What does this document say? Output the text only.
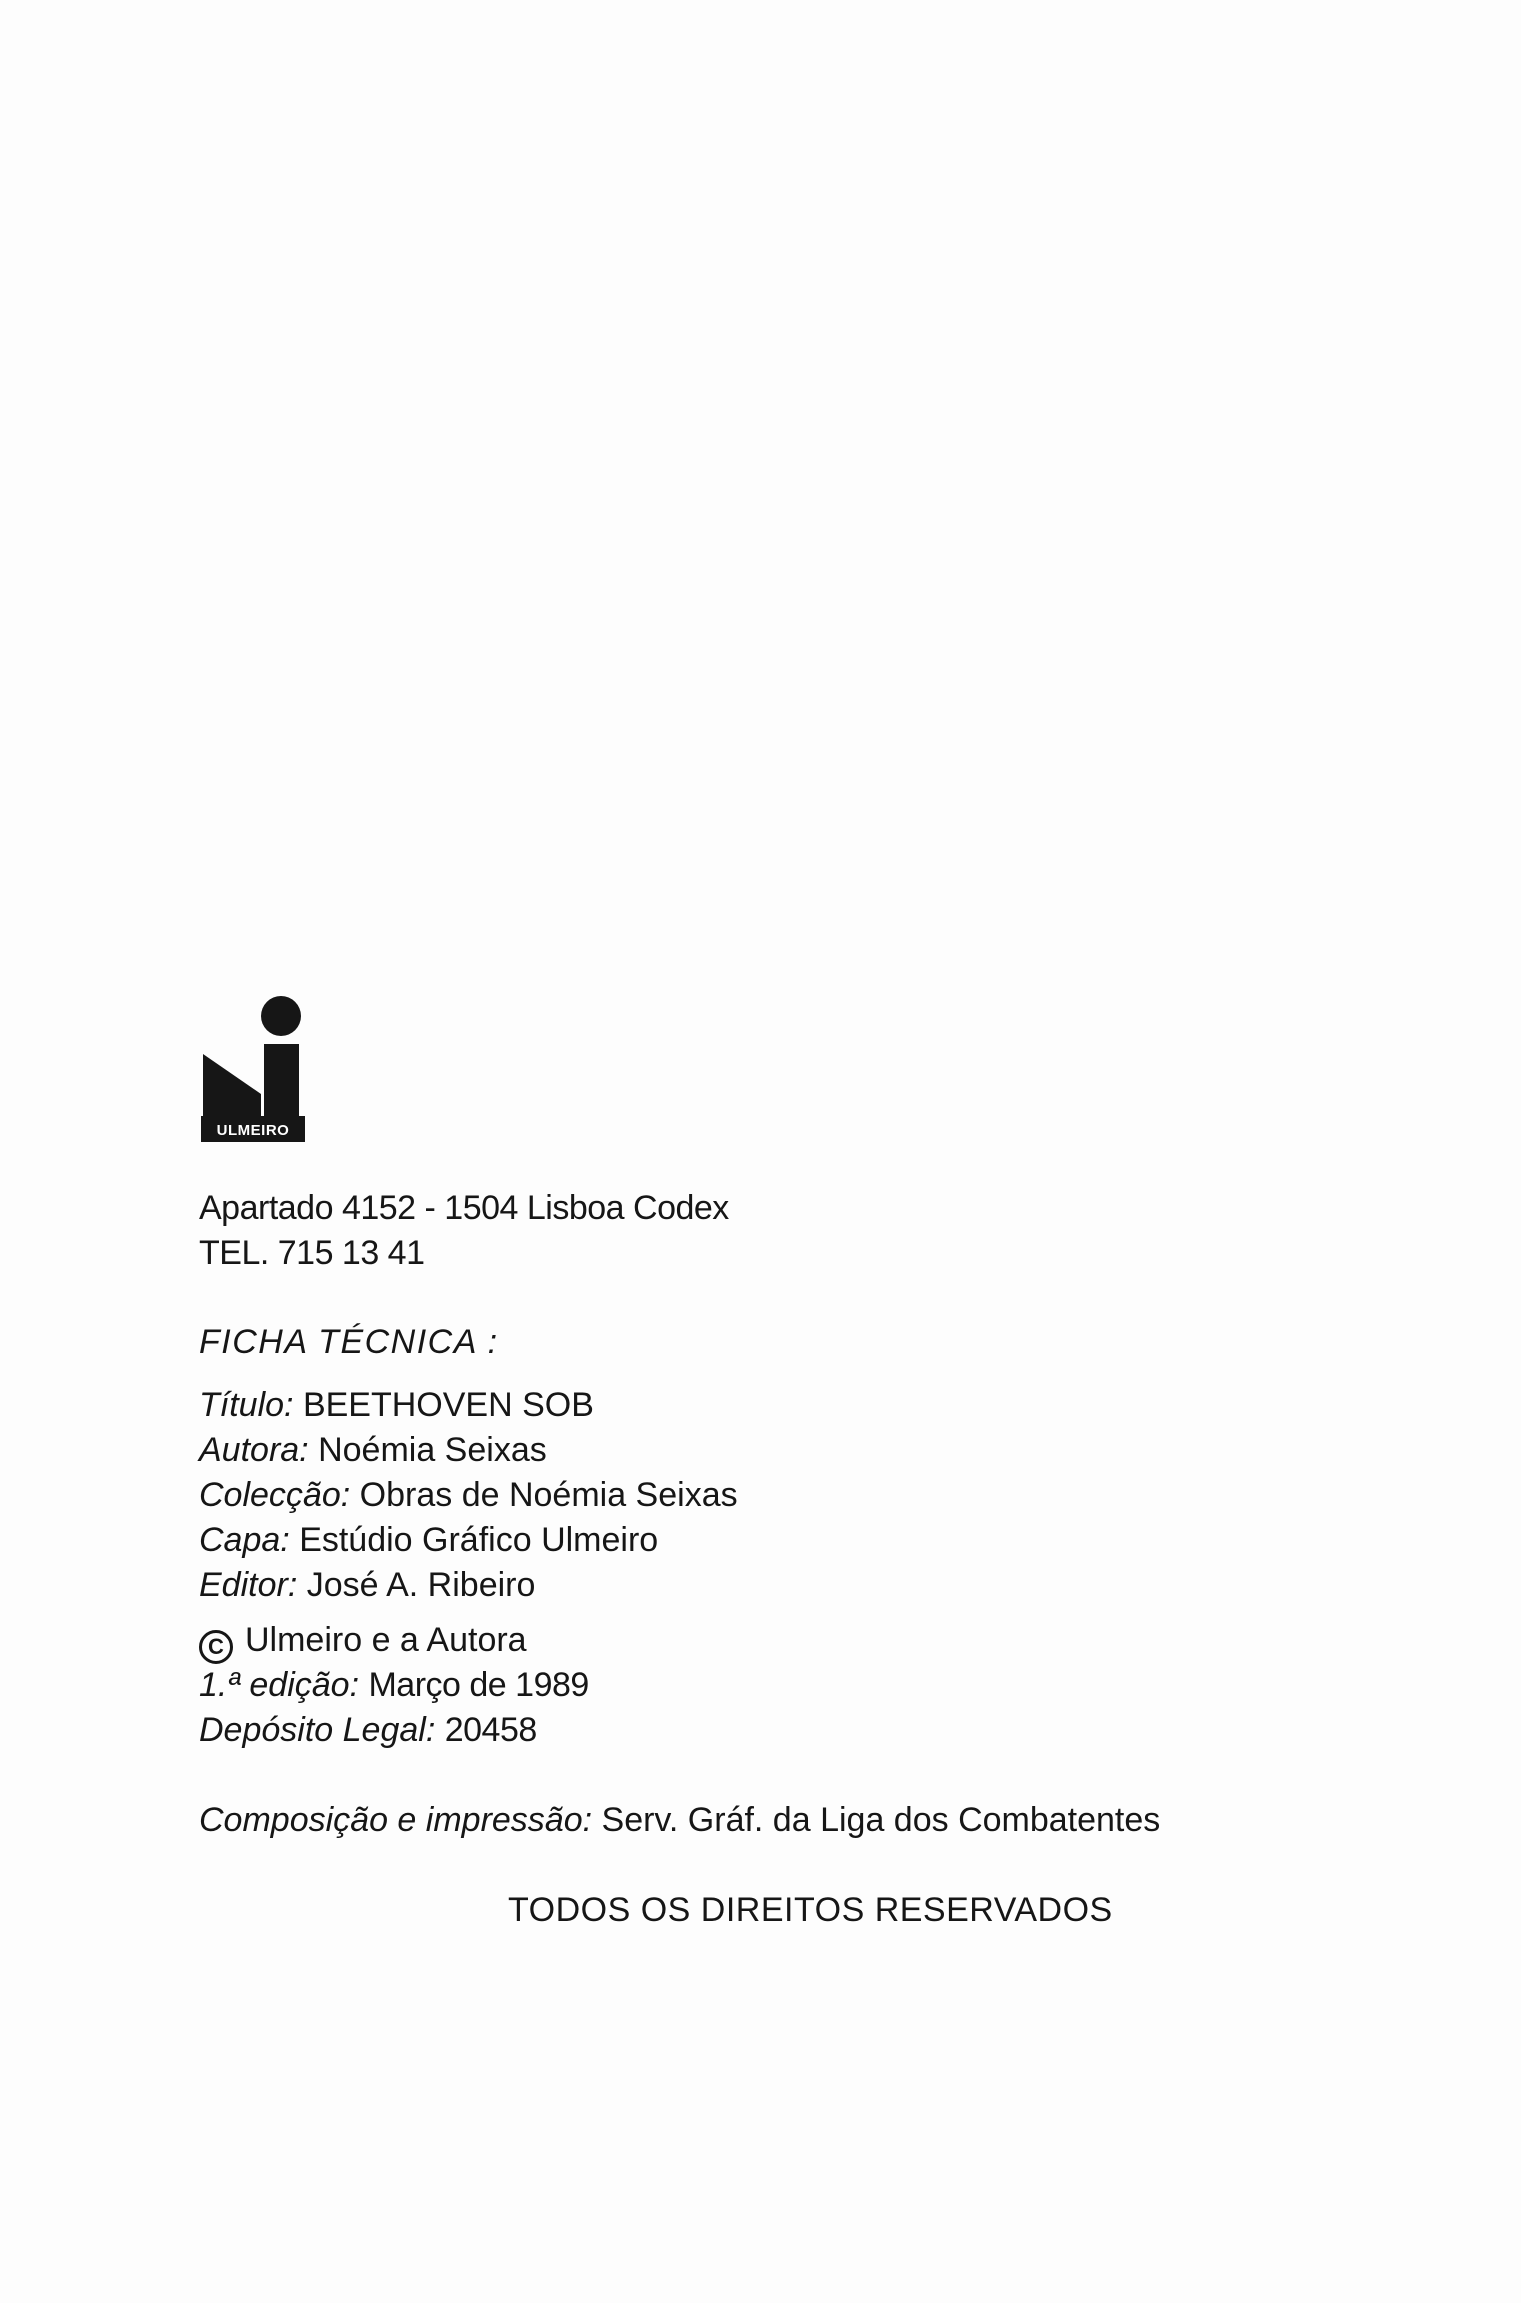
ULMEIRO
Apartado 4152 - 1504 Lisboa Codex
TEL. 715 13 41
FICHA TÉCNICA :
Título: BEETHOVEN SOB
Autora: Noémia Seixas
Colecção: Obras de Noémia Seixas
Capa: Estúdio Gráfico Ulmeiro
Editor: José A. Ribeiro
C Ulmeiro e a Autora
1.ª edição: Março de 1989
Depósito Legal: 20458
Composição e impressão: Serv. Gráf. da Liga dos Combatentes
TODOS OS DIREITOS RESERVADOS
